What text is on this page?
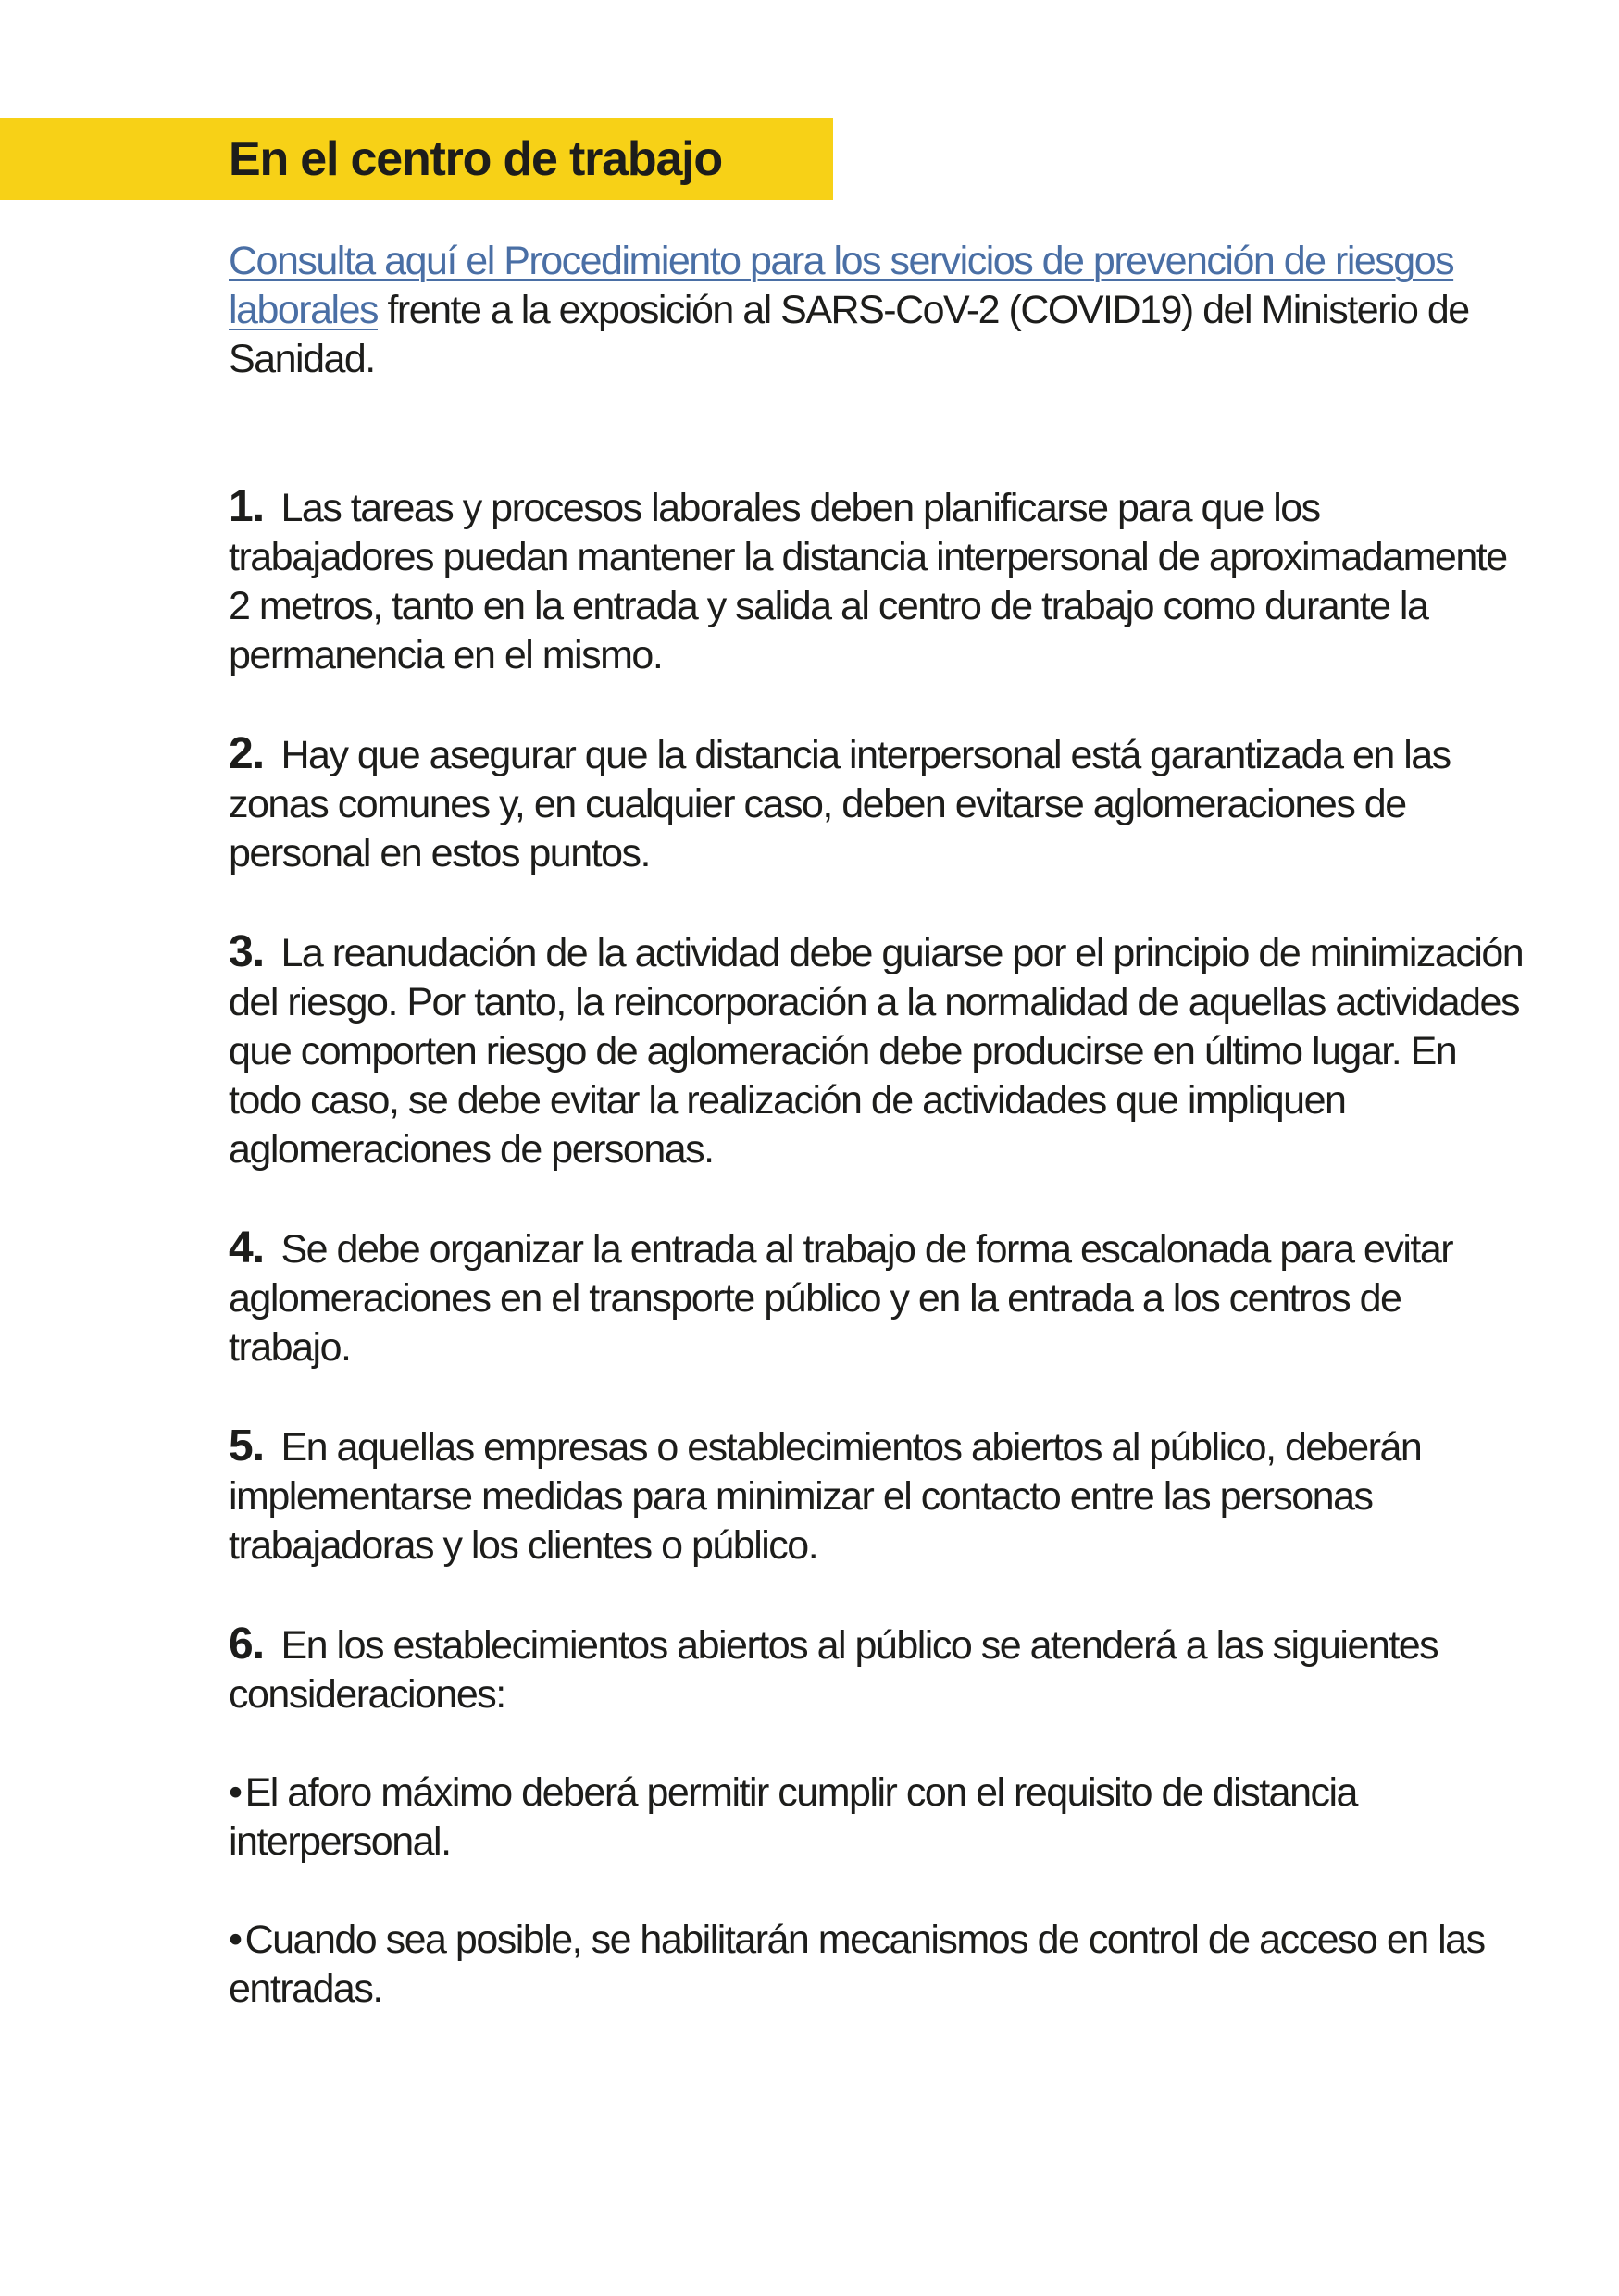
En el centro de trabajo

Consulta aquí el Procedimiento para los servicios de prevención de riesgos laborales frente a la exposición al SARS-CoV-2 (COVID19) del Ministerio de Sanidad.

1. Las tareas y procesos laborales deben planificarse para que los trabajadores puedan mantener la distancia interpersonal de aproximadamente 2 metros, tanto en la entrada y salida al centro de trabajo como durante la permanencia en el mismo.

2. Hay que asegurar que la distancia interpersonal está garantizada en las zonas comunes y, en cualquier caso, deben evitarse aglomeraciones de personal en estos puntos.

3. La reanudación de la actividad debe guiarse por el principio de minimización del riesgo. Por tanto, la reincorporación a la normalidad de aquellas actividades que comporten riesgo de aglomeración debe producirse en último lugar. En todo caso, se debe evitar la realización de actividades que impliquen aglomeraciones de personas.

4. Se debe organizar la entrada al trabajo de forma escalonada para evitar aglomeraciones en el transporte público y en la entrada a los centros de trabajo.

5. En aquellas empresas o establecimientos abiertos al público, deberán implementarse medidas para minimizar el contacto entre las personas trabajadoras y los clientes o público.

6. En los establecimientos abiertos al público se atenderá a las siguientes consideraciones:

•El aforo máximo deberá permitir cumplir con el requisito de distancia interpersonal.

•Cuando sea posible, se habilitarán mecanismos de control de acceso en las entradas.
